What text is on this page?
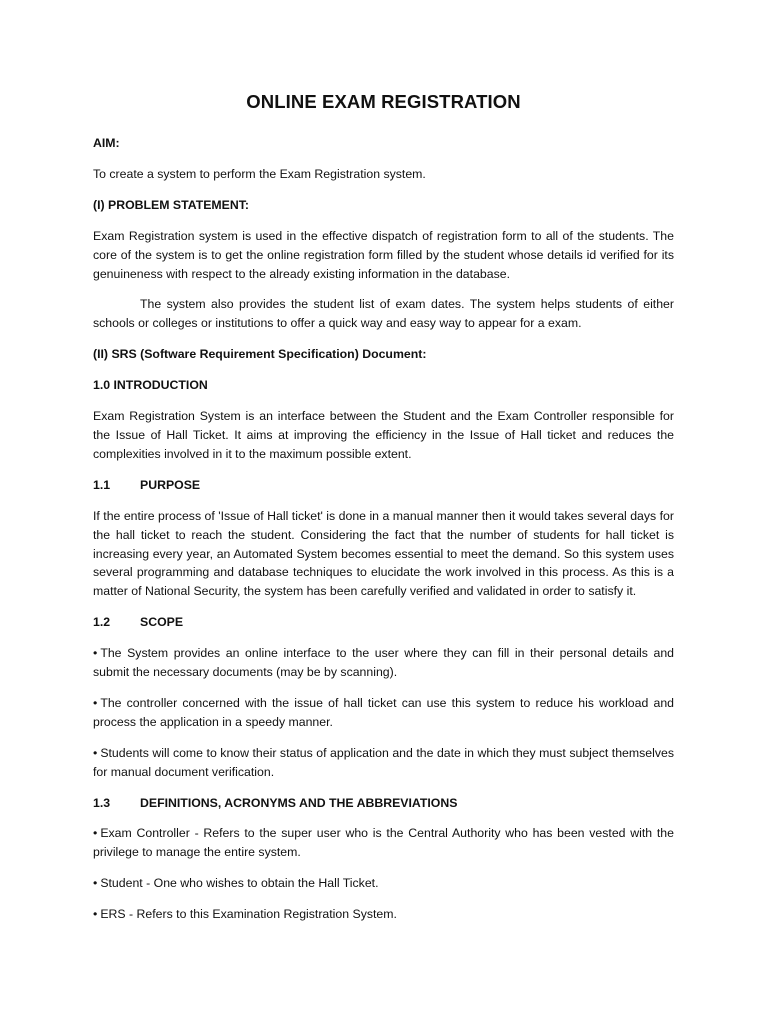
ONLINE EXAM REGISTRATION
AIM:
To create a system to perform the Exam Registration system.
(I) PROBLEM STATEMENT:
Exam Registration system is used in the effective dispatch of registration form to all of the students. The core of the system is to get the online registration form filled by the student whose details id verified for its genuineness with respect to the already existing information in the database.
The system also provides the student list of exam dates. The system helps students of either schools or colleges or institutions to offer a quick way and easy way to appear for a exam.
(II) SRS (Software Requirement Specification) Document:
1.0 INTRODUCTION
Exam Registration System is an interface between the Student and the Exam Controller responsible for the Issue of Hall Ticket. It aims at improving the efficiency in the Issue of Hall ticket and reduces the complexities involved in it to the maximum possible extent.
1.1 PURPOSE
If the entire process of 'Issue of Hall ticket' is done in a manual manner then it would takes several days for the hall ticket to reach the student. Considering the fact that the number of students for hall ticket is increasing every year, an Automated System becomes essential to meet the demand. So this system uses several programming and database techniques to elucidate the work involved in this process. As this is a matter of National Security, the system has been carefully verified and validated in order to satisfy it.
1.2 SCOPE
• The System provides an online interface to the user where they can fill in their personal details and submit the necessary documents (may be by scanning).
• The controller concerned with the issue of hall ticket can use this system to reduce his workload and process the application in a speedy manner.
• Students will come to know their status of application and the date in which they must subject themselves for manual document verification.
1.3 DEFINITIONS, ACRONYMS AND THE ABBREVIATIONS
• Exam Controller - Refers to the super user who is the Central Authority who has been vested with the privilege to manage the entire system.
• Student - One who wishes to obtain the Hall Ticket.
• ERS - Refers to this Examination Registration System.
